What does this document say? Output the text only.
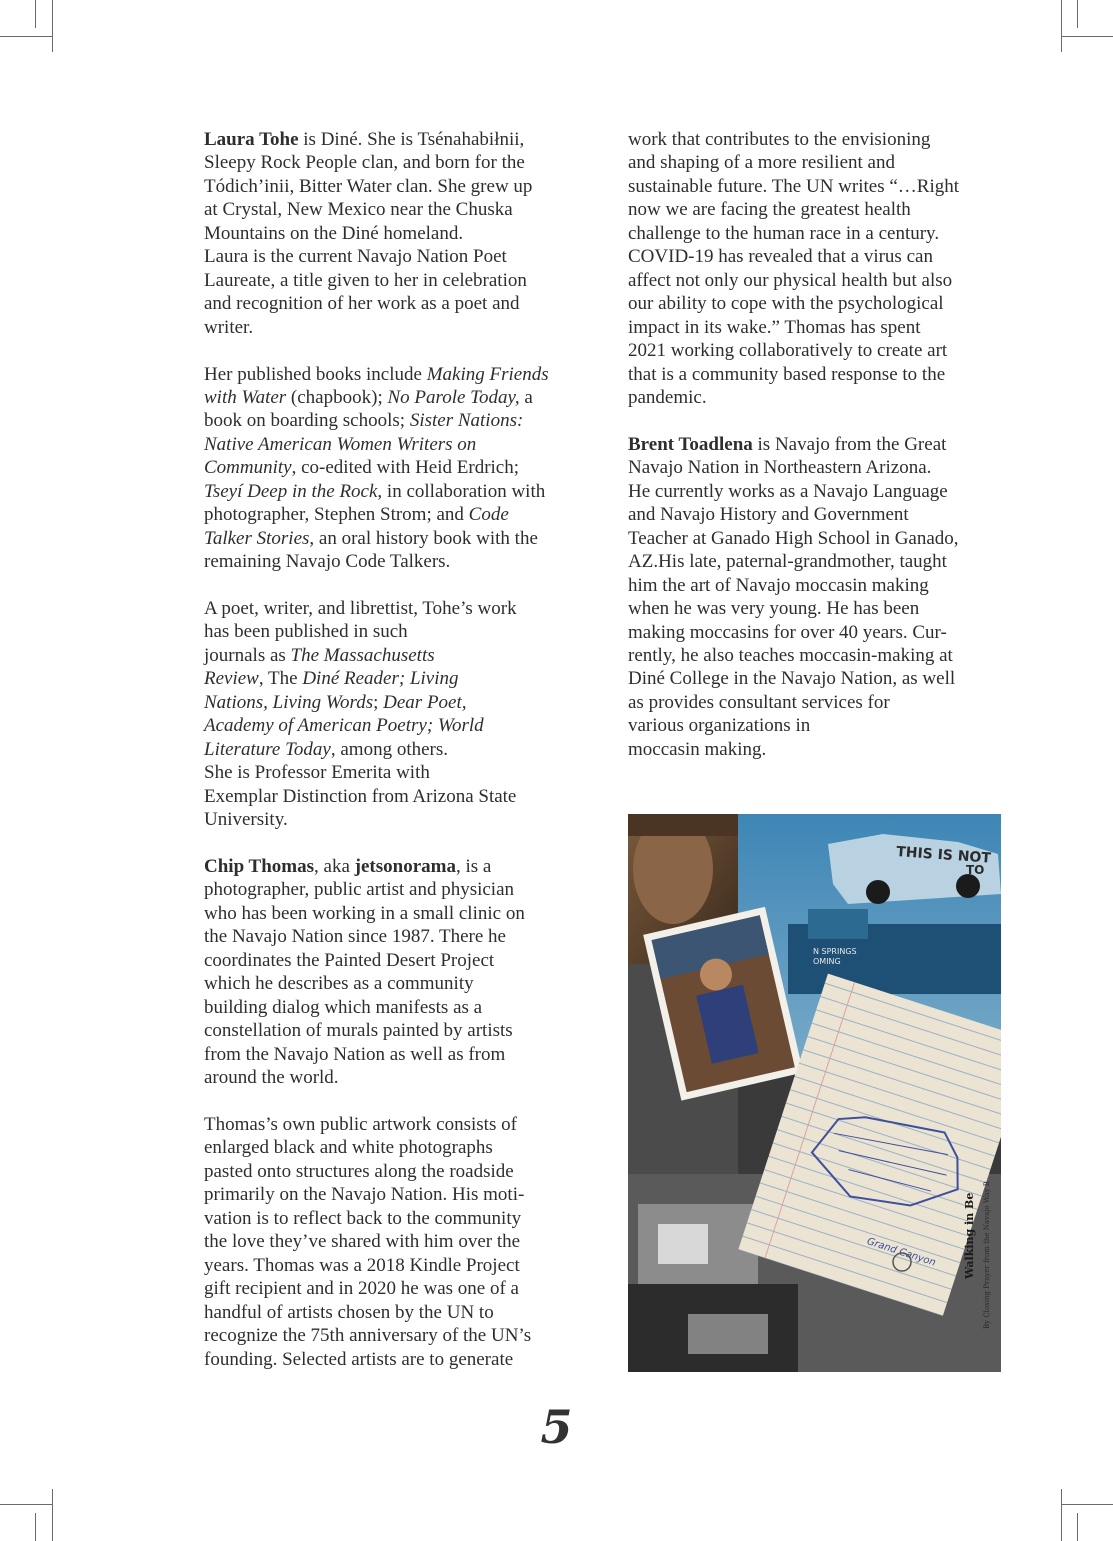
Laura Tohe is Diné. She is Tsénahabiłnii,
Sleepy Rock People clan, and born for the
Tódich’inii, Bitter Water clan. She grew up
at Crystal, New Mexico near the Chuska
Mountains on the Diné homeland.
Laura is the current Navajo Nation Poet
Laureate, a title given to her in celebration
and recognition of her work as a poet and
writer.

Her published books include Making Friends
with Water (chapbook); No Parole Today, a
book on boarding schools; Sister Nations:
Native American Women Writers on
Community, co-edited with Heid Erdrich;
Tseyí Deep in the Rock, in collaboration with
photographer, Stephen Strom; and Code
Talker Stories, an oral history book with the
remaining Navajo Code Talkers.

A poet, writer, and librettist, Tohe’s work
has been published in such
journals as The Massachusetts
Review, The Diné Reader; Living
Nations, Living Words; Dear Poet,
Academy of American Poetry; World
Literature Today, among others.
She is Professor Emerita with
Exemplar Distinction from Arizona State
University.

Chip Thomas, aka jetsonorama, is a
photographer, public artist and physician
who has been working in a small clinic on
the Navajo Nation since 1987. There he
coordinates the Painted Desert Project
which he describes as a community
building dialog which manifests as a
constellation of murals painted by artists
from the Navajo Nation as well as from
around the world.

Thomas’s own public artwork consists of
enlarged black and white photographs
pasted onto structures along the roadside
primarily on the Navajo Nation. His moti-
vation is to reflect back to the community
the love they’ve shared with him over the
years. Thomas was a 2018 Kindle Project
gift recipient and in 2020 he was one of a
handful of artists chosen by the UN to
recognize the 75th anniversary of the UN’s
founding. Selected artists are to generate

work that contributes to the envisioning
and shaping of a more resilient and
sustainable future. The UN writes “…Right
now we are facing the greatest health
challenge to the human race in a century.
COVID-19 has revealed that a virus can
affect not only our physical health but also
our ability to cope with the psychological
impact in its wake.” Thomas has spent
2021 working collaboratively to create art
that is a community based response to the
pandemic.

Brent Toadlena is Navajo from the Great
Navajo Nation in Northeastern Arizona.
He currently works as a Navajo Language
and Navajo History and Government
Teacher at Ganado High School in Ganado,
AZ.His late, paternal-grandmother, taught
him the art of Navajo moccasin making
when he was very young. He has been
making moccasins for over 40 years. Cur-
rently, he also teaches moccasin-making at
Diné College in the Navajo Nation, as well
as provides consultant services for
various organizations in
moccasin making.

THIS IS NOT
TO
N SPRINGS
OMING
Grand Canyon Walking in Be By Closing Prayer from the Navajo Way B
5
